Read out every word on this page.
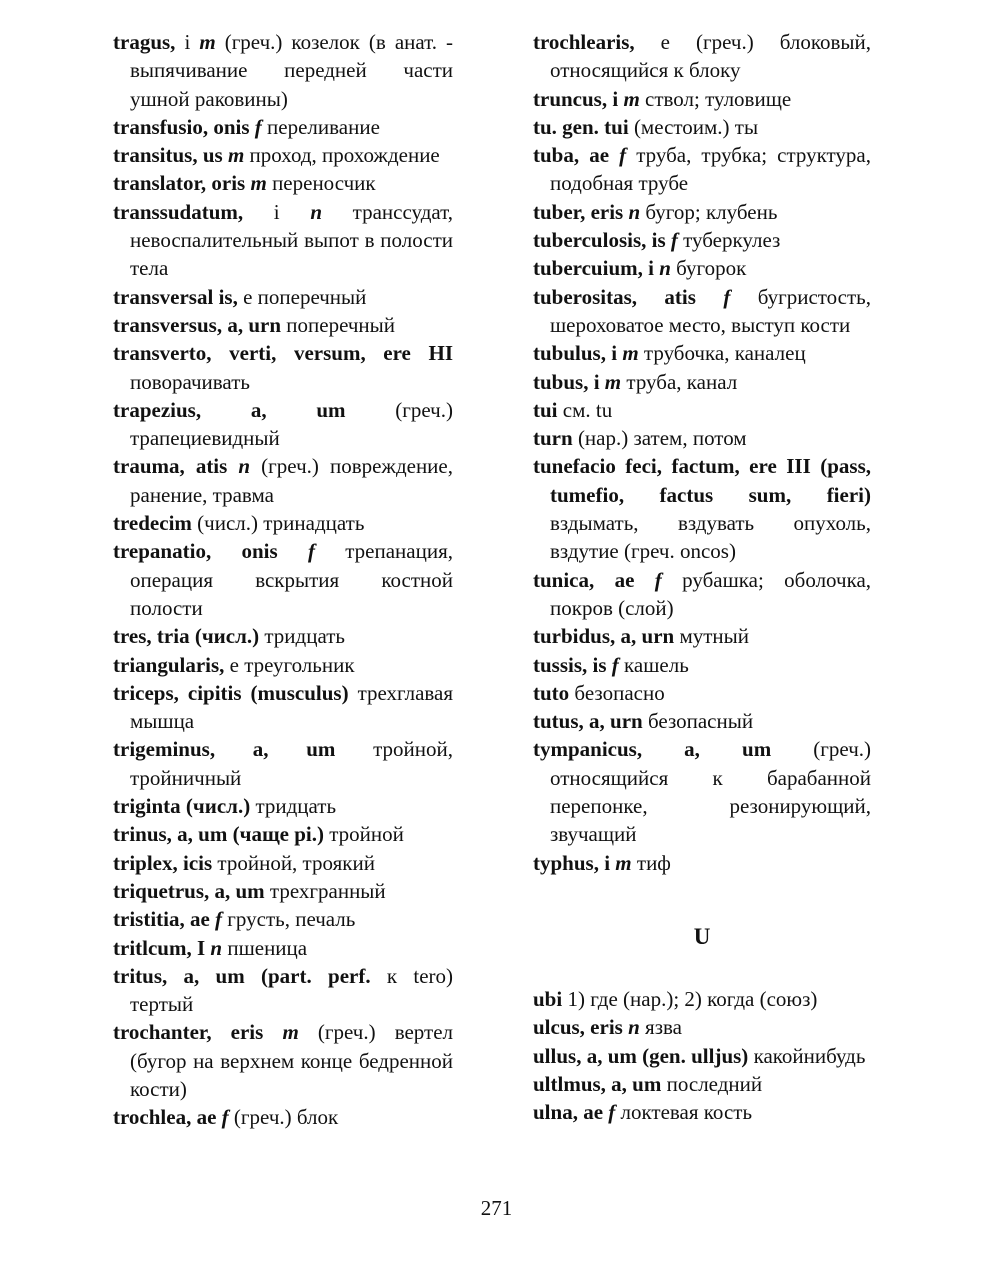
tragus, i m (греч.) козелок (в анат. - выпячивание передней части ушной раковины)
transfusio, onis f переливание
transitus, us m проход, прохождение
translator, oris m переносчик
transsudatum, i n транссудат, невоспалительный выпот в полости тела
transversal is, е поперечный
transversus, a, urn поперечный
transverto, verti, versum, ere HI поворачивать
trapezius, a, um (греч.) трапециевидный
trauma, atis n (греч.) повреждение, ранение, травма
tredecim (числ.) тринадцать
trepanatio, onis f трепанация, операция вскрытия костной полости
tres, tria (числ.) тридцать
triangularis, е треугольник
triceps, cipitis (musculus) трехглавая мышца
trigeminus, a, um тройной, тройничный
triginta (числ.) тридцать
trinus, a, um (чаще pi.) тройной
triplex, icis тройной, троякий
triquetrus, a, um трехгранный
tristitia, ae f грусть, печаль
tritlcum, I n пшеница
tritus, a, um (part. perf. к tero) тертый
trochanter, eris m (греч.) вертел (бугор на верхнем конце бедренной кости)
trochlea, ae f (греч.) блок
trochlearis, е (греч.) блоковый, относящийся к блоку
truncus, i m ствол; туловище
tu. gen. tui (местоим.) ты
tuba, ae f труба, трубка; структура, подобная трубе
tuber, eris n бугор; клубень
tuberculosis, is f туберкулез
tubercuium, i n бугорок
tuberositas, atis f бугристость, шероховатое место, выступ кости
tubulus, i m трубочка, каналец
tubus, i m труба, канал
tui см. tu
turn (нар.) затем, потом
tunefacio feci, factum, ere III (pass, tumefio, factus sum, fieri) вздымать, вздувать опухоль, вздутие (греч. oncos)
tunica, ae f рубашка; оболочка, покров (слой)
turbidus, a, urn мутный
tussis, is f кашель
tuto безопасно
tutus, a, urn безопасный
tympanicus, a, um (греч.) относящийся к барабанной перепонке, резонирующий, звучащий
typhus, i m тиф
U
ubi 1) где (нар.); 2) когда (союз)
ulcus, eris n язва
ullus, a, um (gen. ulljus) какойнибудь
ultlmus, a, um последний
ulna, ae f локтевая кость
271
